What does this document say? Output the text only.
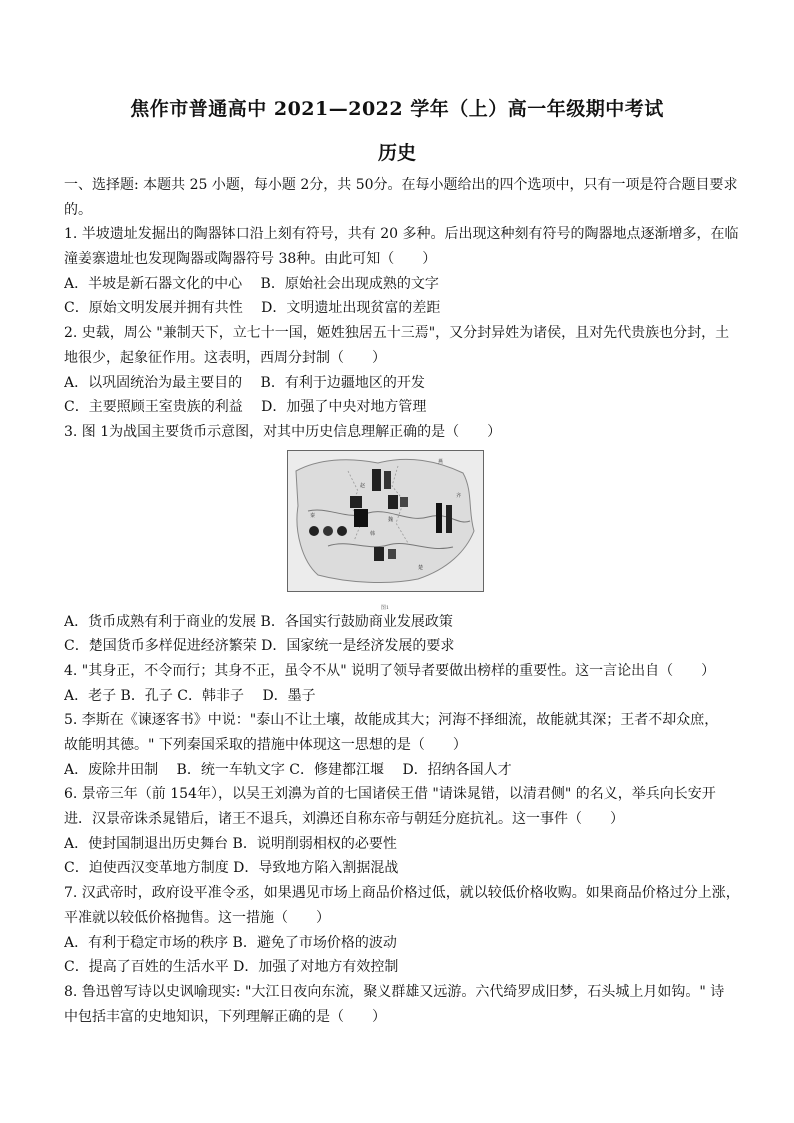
焦作市普通高中 2021—2022 学年（上）高一年级期中考试
历史
一、选择题: 本题共 25 小题，每小题 2分，共 50分。在每小题给出的四个选项中，只有一项是符合题目要求
的。
1. 半坡遗址发掘出的陶器钵口沿上刻有符号，共有 20 多种。后出现这种刻有符号的陶器地点逐渐增多，在临
潼姜寨遗址也发现陶器或陶器符号 38种。由此可知（　　）
A．半坡是新石器文化的中心　 B．原始社会出现成熟的文字
C．原始文明发展并拥有共性　 D．文明遗址出现贫富的差距
2. 史载，周公 "兼制天下，立七十一国，姬姓独居五十三焉"，又分封异姓为诸侯，且对先代贵族也分封，土
地很少，起象征作用。这表明，西周分封制（　　）
A．以巩固统治为最主要目的　 B．有利于边疆地区的开发
C．主要照顾王室贵族的利益　 D．加强了中央对地方管理
3. 图 1为战国主要货币示意图，对其中历史信息理解正确的是（　　）
燕
赵
魏
韩
齐
楚
秦
图1
A．货币成熟有利于商业的发展 B．各国实行鼓励商业发展政策
C．楚国货币多样促进经济繁荣 D．国家统一是经济发展的要求
4. "其身正，不令而行；其身不正，虽令不从" 说明了领导者要做出榜样的重要性。这一言论出自（　　）
A．老子 B．孔子 C．韩非子　 D．墨子
5. 李斯在《谏逐客书》中说："泰山不让土壤，故能成其大；河海不择细流，故能就其深；王者不却众庶，
故能明其德。" 下列秦国采取的措施中体现这一思想的是（　　）
A．废除井田制　 B．统一车轨文字 C．修建都江堰　 D．招纳各国人才
6. 景帝三年（前 154年），以吴王刘濞为首的七国诸侯王借 "请诛晁错，以清君侧" 的名义，举兵向长安开
进．汉景帝诛杀晁错后，诸王不退兵，刘濞还自称东帝与朝廷分庭抗礼。这一事件（　　）
A．使封国制退出历史舞台 B．说明削弱相权的必要性
C．迫使西汉变革地方制度 D．导致地方陷入割据混战
7. 汉武帝时，政府设平准令丞，如果遇见市场上商品价格过低，就以较低价格收购。如果商品价格过分上涨，
平准就以较低价格抛售。这一措施（　　）
A．有利于稳定市场的秩序 B．避免了市场价格的波动
C．提高了百姓的生活水平 D．加强了对地方有效控制
8. 鲁迅曾写诗以史讽喻现实: "大江日夜向东流，聚义群雄又远游。六代绮罗成旧梦，石头城上月如钩。" 诗
中包括丰富的史地知识，下列理解正确的是（　　）
